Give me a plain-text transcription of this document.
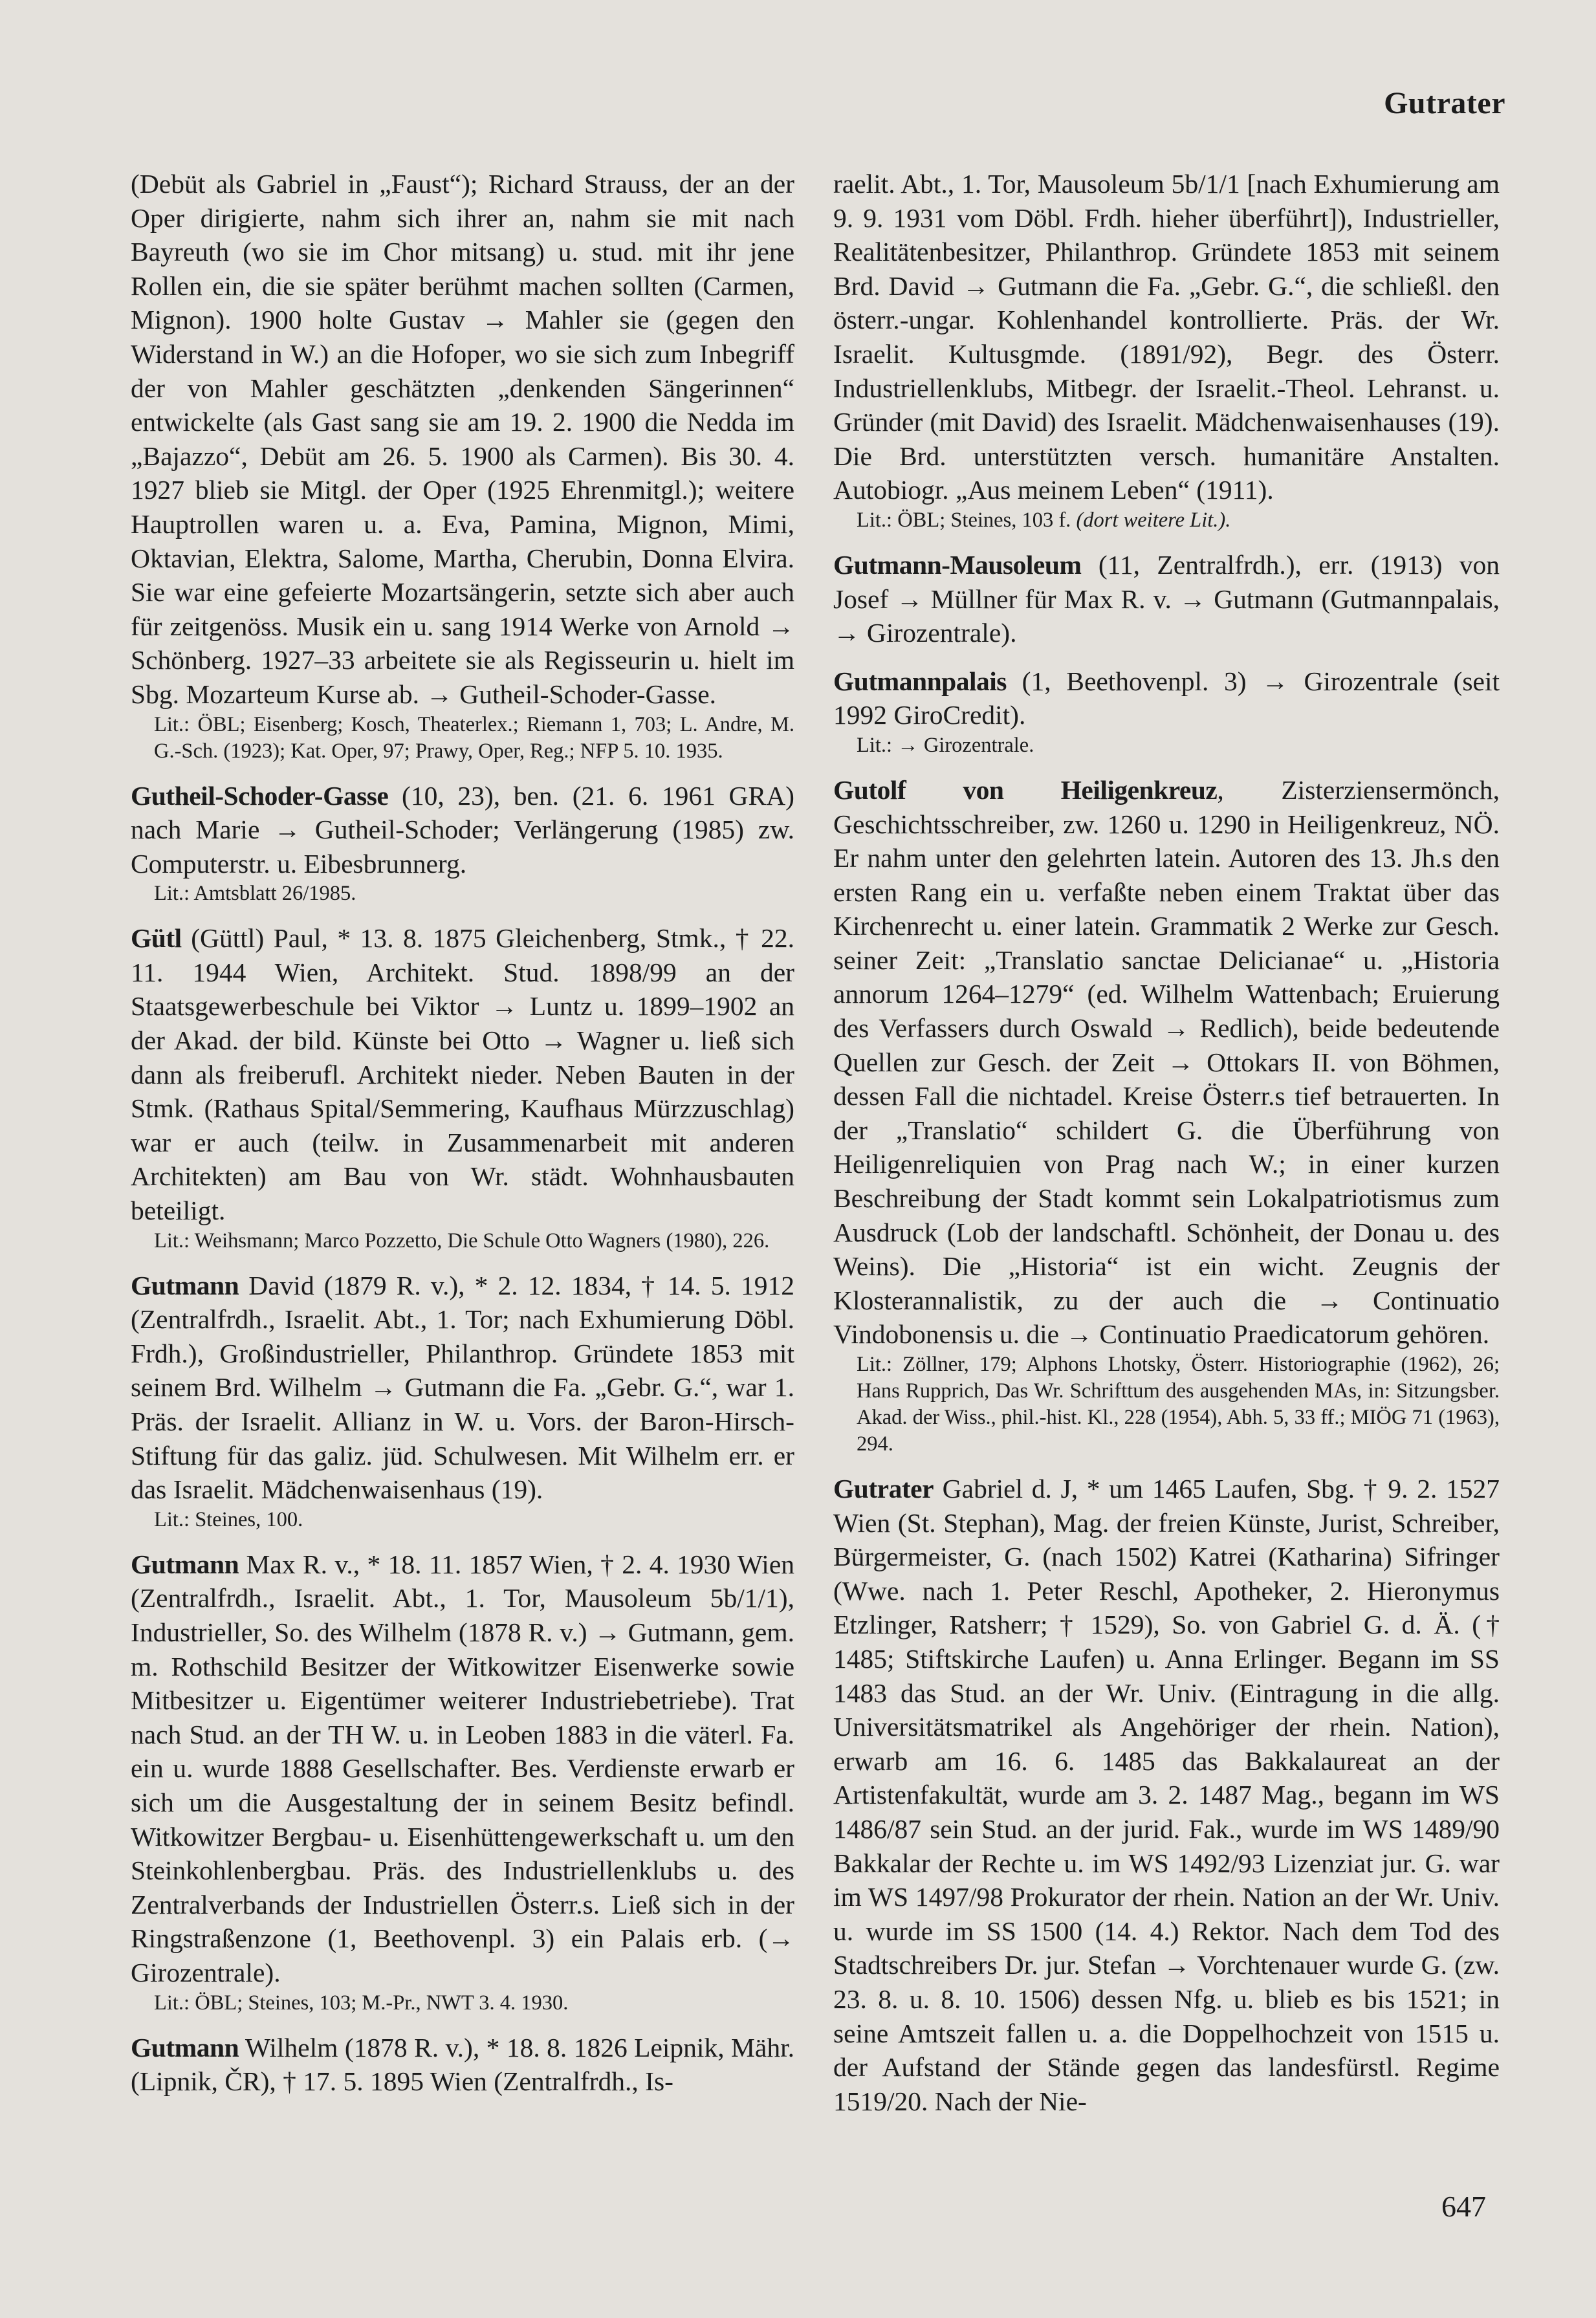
Gutrater

(Debüt als Gabriel in „Faust“); Richard Strauss, der an der Oper dirigierte, nahm sich ihrer an, nahm sie mit nach Bayreuth (wo sie im Chor mitsang) u. stud. mit ihr jene Rollen ein, die sie später berühmt machen sollten (Carmen, Mignon). 1900 holte Gustav → Mahler sie (gegen den Widerstand in W.) an die Hofoper, wo sie sich zum Inbegriff der von Mahler geschätzten „denkenden Sängerinnen“ entwickelte (als Gast sang sie am 19. 2. 1900 die Nedda im „Bajazzo“, Debüt am 26. 5. 1900 als Carmen). Bis 30. 4. 1927 blieb sie Mitgl. der Oper (1925 Ehrenmitgl.); weitere Hauptrollen waren u. a. Eva, Pamina, Mignon, Mimi, Oktavian, Elektra, Salome, Martha, Cherubin, Donna Elvira. Sie war eine gefeierte Mozartsängerin, setzte sich aber auch für zeitgenöss. Musik ein u. sang 1914 Werke von Arnold → Schönberg. 1927–33 arbeitete sie als Regisseurin u. hielt im Sbg. Mozarteum Kurse ab. → Gutheil-Schoder-Gasse.

Lit.: ÖBL; Eisenberg; Kosch, Theaterlex.; Riemann 1, 703; L. Andre, M. G.-Sch. (1923); Kat. Oper, 97; Prawy, Oper, Reg.; NFP 5. 10. 1935.

Gutheil-Schoder-Gasse (10, 23), ben. (21. 6. 1961 GRA) nach Marie → Gutheil-Schoder; Verlängerung (1985) zw. Computerstr. u. Eibesbrunnerg.

Lit.: Amtsblatt 26/1985.

Gütl (Güttl) Paul, * 13. 8. 1875 Gleichenberg, Stmk., † 22. 11. 1944 Wien, Architekt. Stud. 1898/99 an der Staatsgewerbeschule bei Viktor → Luntz u. 1899–1902 an der Akad. der bild. Künste bei Otto → Wagner u. ließ sich dann als freiberufl. Architekt nieder. Neben Bauten in der Stmk. (Rathaus Spital/Semmering, Kaufhaus Mürzzuschlag) war er auch (teilw. in Zusammenarbeit mit anderen Architekten) am Bau von Wr. städt. Wohnhausbauten beteiligt.

Lit.: Weihsmann; Marco Pozzetto, Die Schule Otto Wagners (1980), 226.

Gutmann David (1879 R. v.), * 2. 12. 1834, † 14. 5. 1912 (Zentralfrdh., Israelit. Abt., 1. Tor; nach Exhumierung Döbl. Frdh.), Großindustrieller, Philanthrop. Gründete 1853 mit seinem Brd. Wilhelm → Gutmann die Fa. „Gebr. G.“, war 1. Präs. der Israelit. Allianz in W. u. Vors. der Baron-Hirsch-Stiftung für das galiz. jüd. Schulwesen. Mit Wilhelm err. er das Israelit. Mädchenwaisenhaus (19).

Lit.: Steines, 100.

Gutmann Max R. v., * 18. 11. 1857 Wien, † 2. 4. 1930 Wien (Zentralfrdh., Israelit. Abt., 1. Tor, Mausoleum 5b/1/1), Industrieller, So. des Wilhelm (1878 R. v.) → Gutmann, gem. m. Rothschild Besitzer der Witkowitzer Eisenwerke sowie Mitbesitzer u. Eigentümer weiterer Industriebetriebe). Trat nach Stud. an der TH W. u. in Leoben 1883 in die väterl. Fa. ein u. wurde 1888 Gesellschafter. Bes. Verdienste erwarb er sich um die Ausgestaltung der in seinem Besitz befindl. Witkowitzer Bergbau- u. Eisenhüttengewerkschaft u. um den Steinkohlenbergbau. Präs. des Industriellenklubs u. des Zentralverbands der Industriellen Österr.s. Ließ sich in der Ringstraßenzone (1, Beethovenpl. 3) ein Palais erb. (→ Girozentrale).

Lit.: ÖBL; Steines, 103; M.-Pr., NWT 3. 4. 1930.

Gutmann Wilhelm (1878 R. v.), * 18. 8. 1826 Leipnik, Mähr. (Lipnik, ČR), † 17. 5. 1895 Wien (Zentralfrdh., Is-

raelit. Abt., 1. Tor, Mausoleum 5b/1/1 [nach Exhumierung am 9. 9. 1931 vom Döbl. Frdh. hieher überführt]), Industrieller, Realitätenbesitzer, Philanthrop. Gründete 1853 mit seinem Brd. David → Gutmann die Fa. „Gebr. G.“, die schließl. den österr.-ungar. Kohlenhandel kontrollierte. Präs. der Wr. Israelit. Kultusgmde. (1891/92), Begr. des Österr. Industriellenklubs, Mitbegr. der Israelit.-Theol. Lehranst. u. Gründer (mit David) des Israelit. Mädchenwaisenhauses (19). Die Brd. unterstützten versch. humanitäre Anstalten. Autobiogr. „Aus meinem Leben“ (1911).

Lit.: ÖBL; Steines, 103 f. (dort weitere Lit.).

Gutmann-Mausoleum (11, Zentralfrdh.), err. (1913) von Josef → Müllner für Max R. v. → Gutmann (Gutmannpalais, → Girozentrale).

Gutmannpalais (1, Beethovenpl. 3) → Girozentrale (seit 1992 GiroCredit).

Lit.: → Girozentrale.

Gutolf von Heiligenkreuz, Zisterziensermönch, Geschichtsschreiber, zw. 1260 u. 1290 in Heiligenkreuz, NÖ. Er nahm unter den gelehrten latein. Autoren des 13. Jh.s den ersten Rang ein u. verfaßte neben einem Traktat über das Kirchenrecht u. einer latein. Grammatik 2 Werke zur Gesch. seiner Zeit: „Translatio sanctae Delicianae“ u. „Historia annorum 1264–1279“ (ed. Wilhelm Wattenbach; Eruierung des Verfassers durch Oswald → Redlich), beide bedeutende Quellen zur Gesch. der Zeit → Ottokars II. von Böhmen, dessen Fall die nichtadel. Kreise Österr.s tief betrauerten. In der „Translatio“ schildert G. die Überführung von Heiligenreliquien von Prag nach W.; in einer kurzen Beschreibung der Stadt kommt sein Lokalpatriotismus zum Ausdruck (Lob der landschaftl. Schönheit, der Donau u. des Weins). Die „Historia“ ist ein wicht. Zeugnis der Klosterannalistik, zu der auch die → Continuatio Vindobonensis u. die → Continuatio Praedicatorum gehören.

Lit.: Zöllner, 179; Alphons Lhotsky, Österr. Historiographie (1962), 26; Hans Rupprich, Das Wr. Schrifttum des ausgehenden MAs, in: Sitzungsber. Akad. der Wiss., phil.-hist. Kl., 228 (1954), Abh. 5, 33 ff.; MIÖG 71 (1963), 294.

Gutrater Gabriel d. J, * um 1465 Laufen, Sbg. † 9. 2. 1527 Wien (St. Stephan), Mag. der freien Künste, Jurist, Schreiber, Bürgermeister, G. (nach 1502) Katrei (Katharina) Sifringer (Wwe. nach 1. Peter Reschl, Apotheker, 2. Hieronymus Etzlinger, Ratsherr; † 1529), So. von Gabriel G. d. Ä. († 1485; Stiftskirche Laufen) u. Anna Erlinger. Begann im SS 1483 das Stud. an der Wr. Univ. (Eintragung in die allg. Universitätsmatrikel als Angehöriger der rhein. Nation), erwarb am 16. 6. 1485 das Bakkalaureat an der Artistenfakultät, wurde am 3. 2. 1487 Mag., begann im WS 1486/87 sein Stud. an der jurid. Fak., wurde im WS 1489/90 Bakkalar der Rechte u. im WS 1492/93 Lizenziat jur. G. war im WS 1497/98 Prokurator der rhein. Nation an der Wr. Univ. u. wurde im SS 1500 (14. 4.) Rektor. Nach dem Tod des Stadtschreibers Dr. jur. Stefan → Vorchtenauer wurde G. (zw. 23. 8. u. 8. 10. 1506) dessen Nfg. u. blieb es bis 1521; in seine Amtszeit fallen u. a. die Doppelhochzeit von 1515 u. der Aufstand der Stände gegen das landesfürstl. Regime 1519/20. Nach der Nie-

647
